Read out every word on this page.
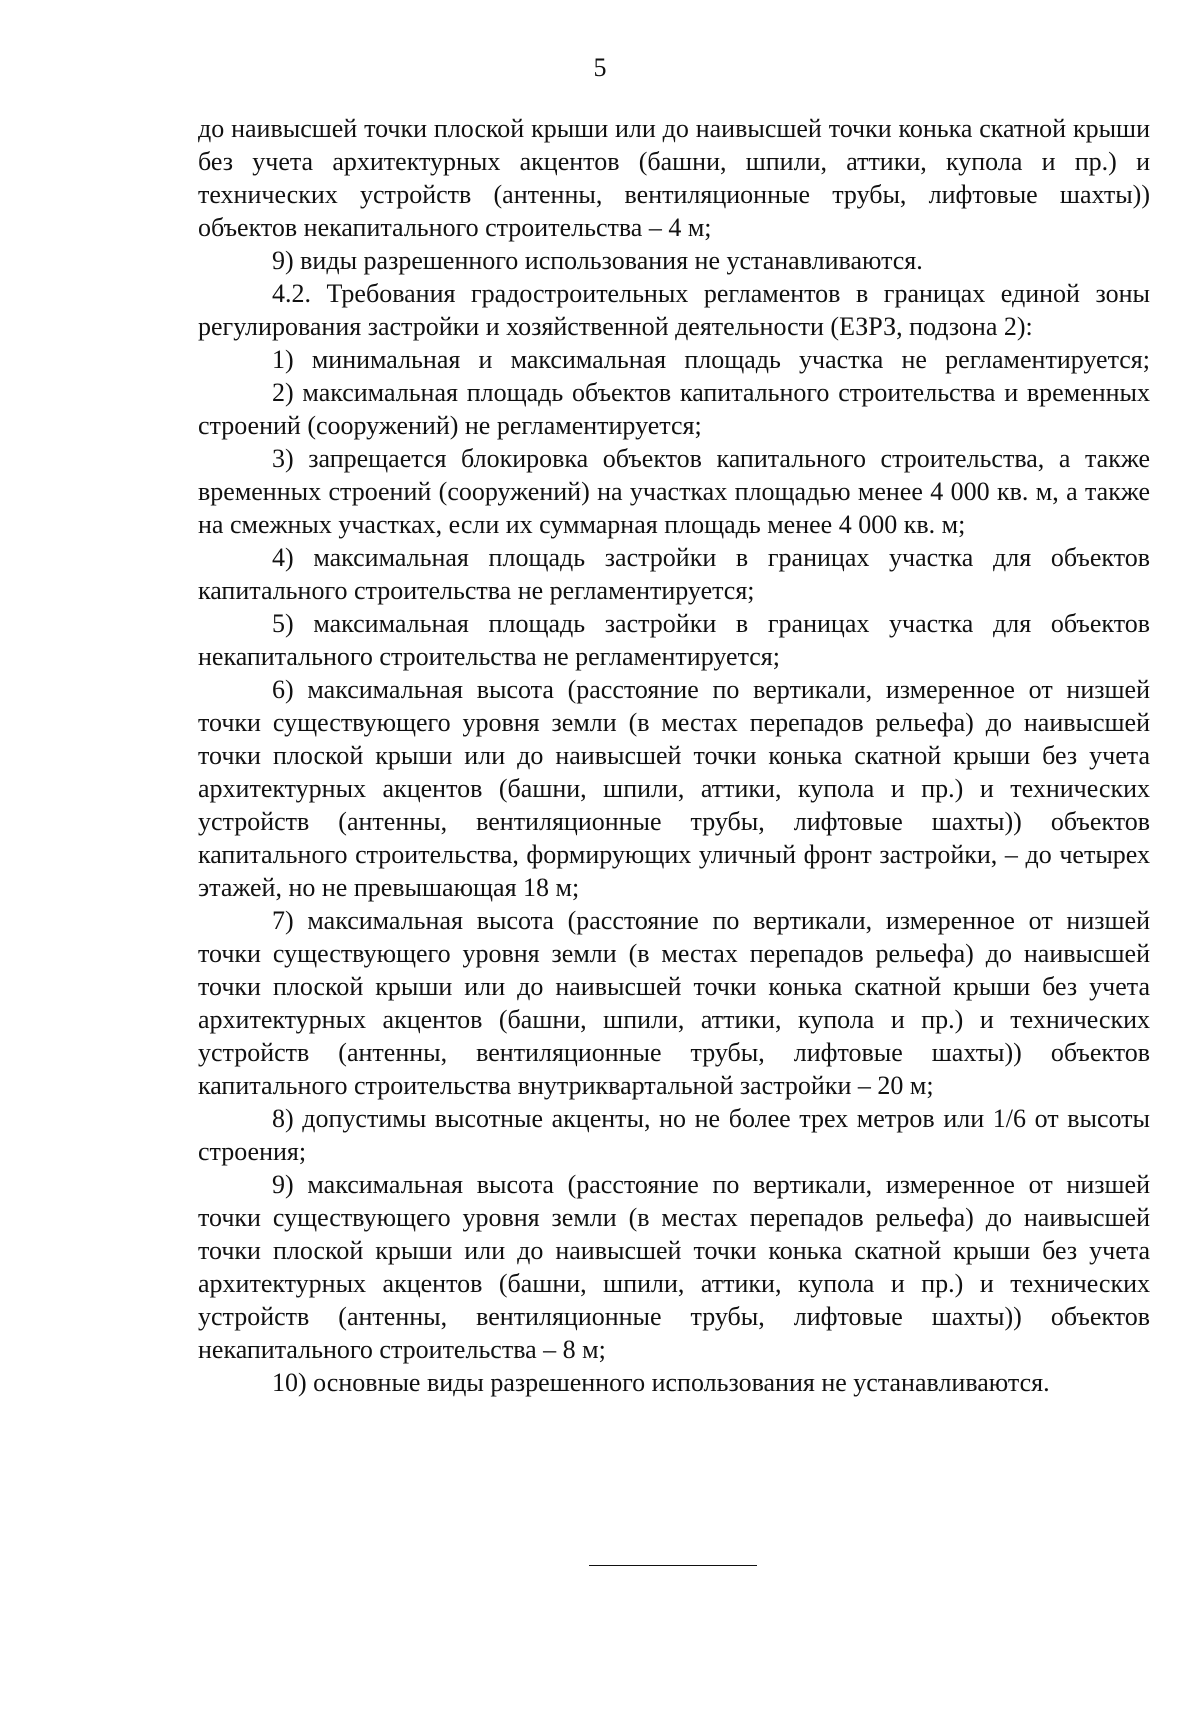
5

до наивысшей точки плоской крыши или до наивысшей точки конька скатной крыши без учета архитектурных акцентов (башни, шпили, аттики, купола и пр.) и технических устройств (антенны, вентиляционные трубы, лифтовые шахты)) объектов некапитального строительства – 4 м;

9) виды разрешенного использования не устанавливаются.

4.2. Требования градостроительных регламентов в границах единой зоны регулирования застройки и хозяйственной деятельности (ЕЗРЗ, подзона 2):

1) минимальная и максимальная площадь участка не регламентируется;

2) максимальная площадь объектов капитального строительства и временных строений (сооружений) не регламентируется;

3) запрещается блокировка объектов капитального строительства, а также временных строений (сооружений) на участках площадью менее 4 000 кв. м, а также на смежных участках, если их суммарная площадь менее 4 000 кв. м;

4) максимальная площадь застройки в границах участка для объектов капитального строительства не регламентируется;

5) максимальная площадь застройки в границах участка для объектов некапитального строительства не регламентируется;

6) максимальная высота (расстояние по вертикали, измеренное от низшей точки существующего уровня земли (в местах перепадов рельефа) до наивысшей точки плоской крыши или до наивысшей точки конька скатной крыши без учета архитектурных акцентов (башни, шпили, аттики, купола и пр.) и технических устройств (антенны, вентиляционные трубы, лифтовые шахты)) объектов капитального строительства, формирующих уличный фронт застройки, – до четырех этажей, но не превышающая 18 м;

7) максимальная высота (расстояние по вертикали, измеренное от низшей точки существующего уровня земли (в местах перепадов рельефа) до наивысшей точки плоской крыши или до наивысшей точки конька скатной крыши без учета архитектурных акцентов (башни, шпили, аттики, купола и пр.) и технических устройств (антенны, вентиляционные трубы, лифтовые шахты)) объектов капитального строительства внутриквартальной застройки – 20 м;

8) допустимы высотные акценты, но не более трех метров или 1/6 от высоты строения;

9) максимальная высота (расстояние по вертикали, измеренное от низшей точки существующего уровня земли (в местах перепадов рельефа) до наивысшей точки плоской крыши или до наивысшей точки конька скатной крыши без учета архитектурных акцентов (башни, шпили, аттики, купола и пр.) и технических устройств (антенны, вентиляционные трубы, лифтовые шахты)) объектов некапитального строительства – 8 м;

10) основные виды разрешенного использования не устанавливаются.
